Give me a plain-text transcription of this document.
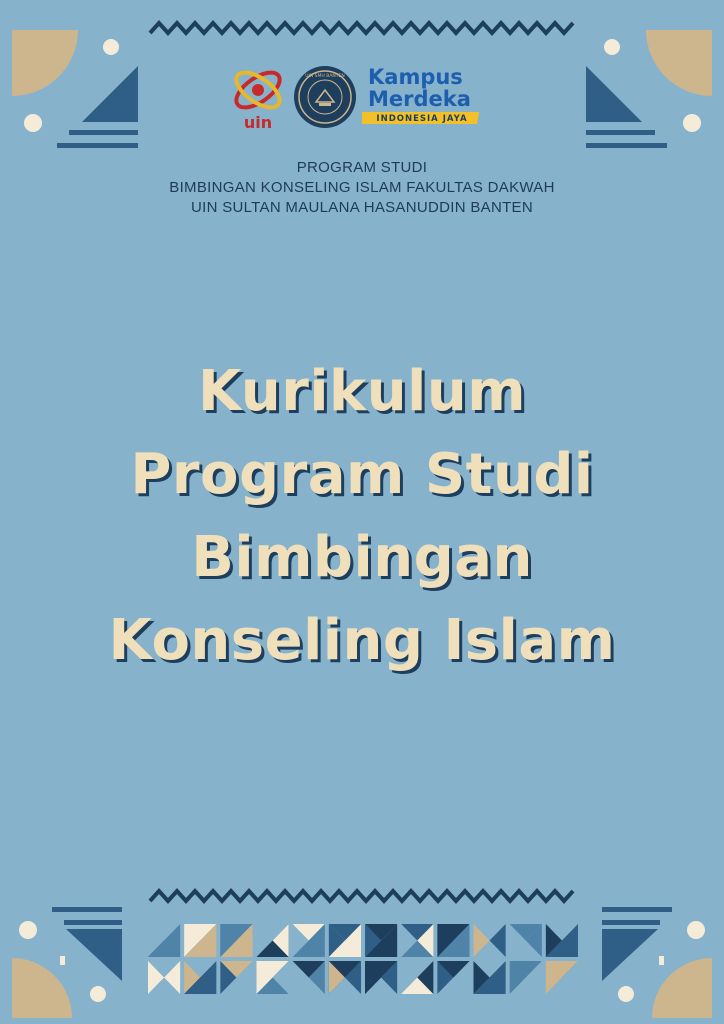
uin
UIN SMH BANTEN Kampus
Merdeka
INDONESIA JAYA
PROGRAM STUDI
BIMBINGAN KONSELING ISLAM FAKULTAS DAKWAH
UIN SULTAN MAULANA HASANUDDIN BANTEN
Kurikulum
Program Studi
Bimbingan
Konseling Islam
